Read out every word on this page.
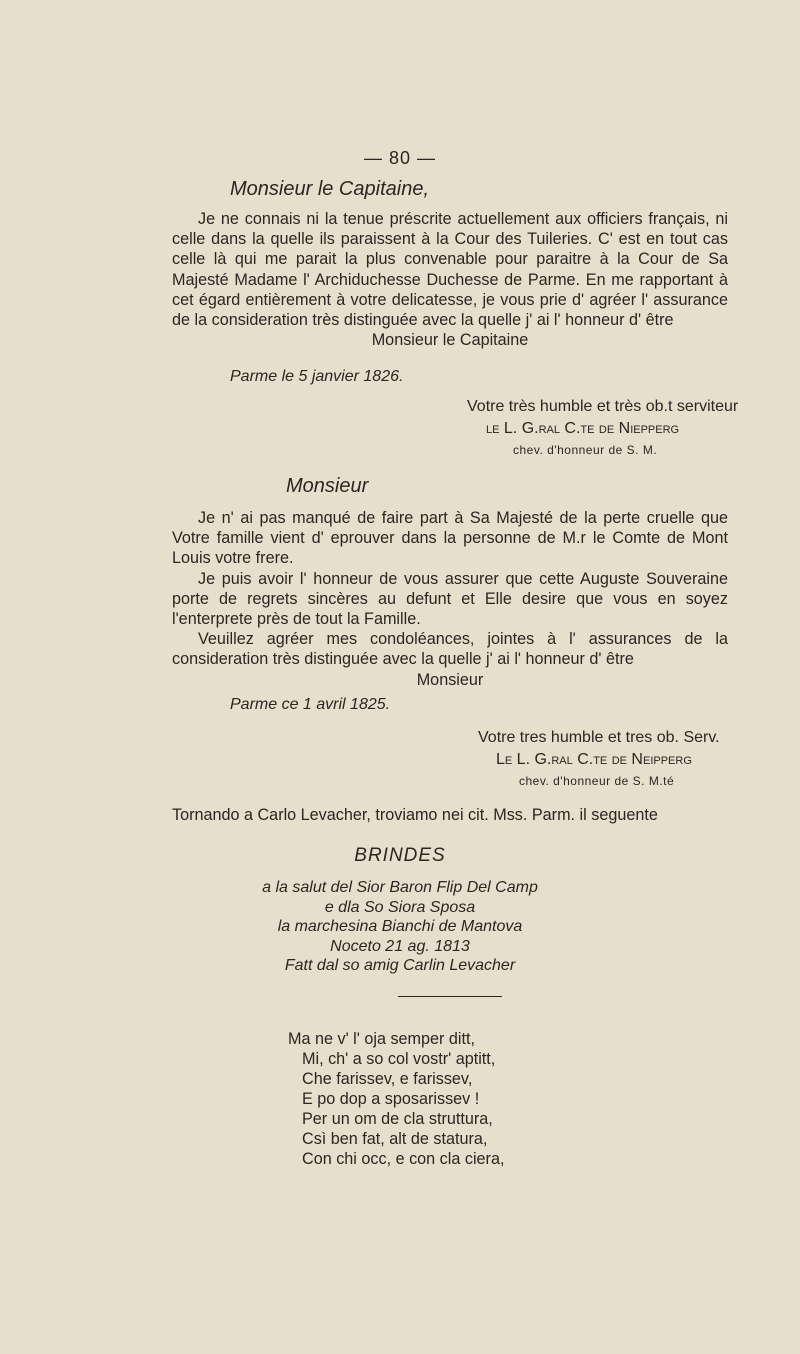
— 80 —
Monsieur le Capitaine,

Je ne connais ni la tenue préscrite actuellement aux officiers français, ni celle dans la quelle ils paraissent à la Cour des Tuileries. C' est en tout cas celle là qui me parait la plus convenable pour paraitre à la Cour de Sa Majesté Madame l' Archiduchesse Duchesse de Parme. En me rapportant à cet égard entièrement à votre delicatesse, je vous prie d' agréer l' assurance de la consideration très distinguée avec la quelle j' ai l' honneur d' être

Monsieur le Capitaine
Parme le 5 janvier 1826.
Votre très humble et très ob.t serviteur
le L. G.ral C.te de Niepperg
chev. d'honneur de S. M.
Monsieur

Je n' ai pas manqué de faire part à Sa Majesté de la perte cruelle que Votre famille vient d' eprouver dans la personne de M.r le Comte de Mont Louis votre frere.

Je puis avoir l' honneur de vous assurer que cette Auguste Souveraine porte de regrets sincères au defunt et Elle desire que vous en soyez l'enterprete près de tout la Famille.

Veuillez agréer mes condoléances, jointes à l' assurances de la consideration très distinguée avec la quelle j' ai l' honneur d' être

Monsieur
Parme ce 1 avril 1825.
Votre tres humble et tres ob. Serv.
Le L. G.ral C.te de Neipperg
chev. d'honneur de S. M.té
Tornando a Carlo Levacher, troviamo nei cit. Mss. Parm. il seguente
BRINDES
a la salut del Sior Baron Flip Del Camp
e dla So Siora Sposa
la marchesina Bianchi de Mantova
Noceto 21 ag. 1813
Fatt dal so amig Carlin Levacher
Ma ne v' l' oja semper ditt,
Mi, ch' a so col vostr' aptitt,
Che farissev, e farissev,
E po dop a sposarissev !
Per un om de cla struttura,
Csì ben fat, alt de statura,
Con chi occ, e con cla ciera,
